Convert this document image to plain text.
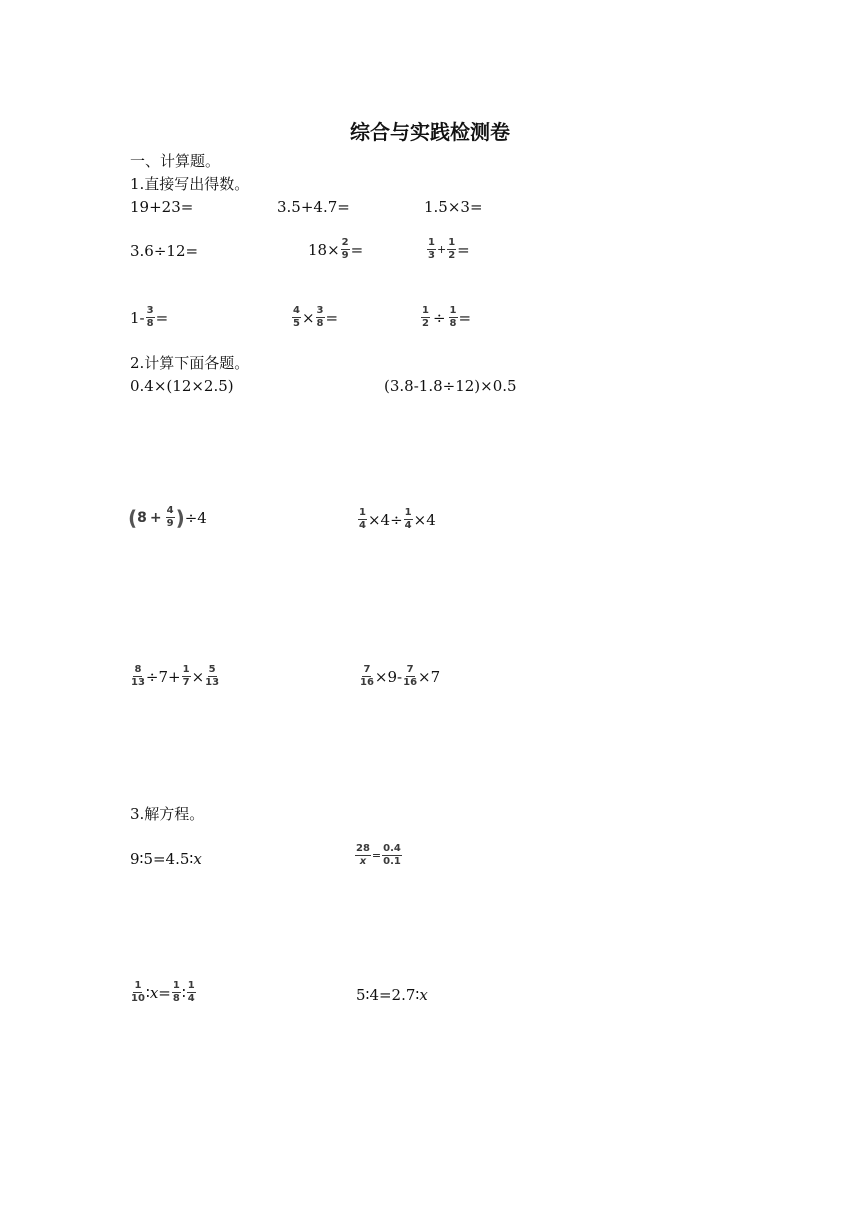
综合与实践检测卷
一、计算题。
1.直接写出得数。
19+23=	3.5+4.7=	1.5×3=
3.6÷12=	$18\times \frac{2}{9}$ =	$\frac{1}{3} + \frac{1}{2}$ =
$1- \frac{3}{8}$ =	$\frac{4}{5} \times \frac{3}{8}$ =	$\frac{1}{2} \div \frac{1}{8}$ =
2.计算下面各题。
0.4×(12×2.5)	(3.8-1.8÷12)×0.5
( $8 + \frac{4}{9}$ ) ÷4	$\frac{1}{4} \times 4\div \frac{1}{4} \times 4$
$\frac{8}{13} \div 7+ \frac{1}{7} \times \frac{5}{13}$	$\frac{7}{16} \times 9- \frac{7}{16} \times 7$
3.解方程。
9∶5=4.5∶x	$\frac{28}{x} = \frac{0.4}{0.1}$
$\frac{1}{10}$ ∶ $x = \frac{1}{8}$ ∶ $\frac{1}{4}$	5∶4=2.7∶x
